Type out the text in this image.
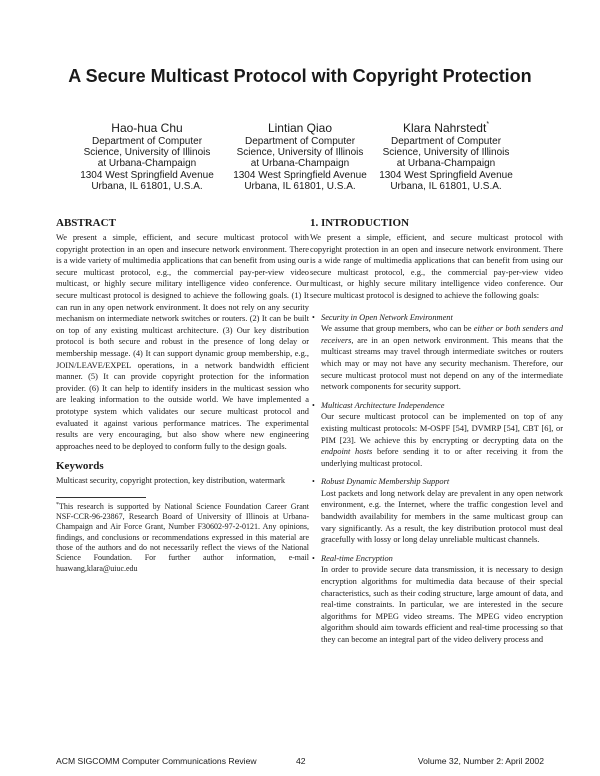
A Secure Multicast Protocol with Copyright Protection
Hao-hua Chu
Department of Computer
Science, University of Illinois
at Urbana-Champaign
1304 West Springfield Avenue
Urbana, IL 61801, U.S.A.
Lintian Qiao
Department of Computer
Science, University of Illinois
at Urbana-Champaign
1304 West Springfield Avenue
Urbana, IL 61801, U.S.A.
Klara Nahrstedt*
Department of Computer
Science, University of Illinois
at Urbana-Champaign
1304 West Springfield Avenue
Urbana, IL 61801, U.S.A.
ABSTRACT

We present a simple, efficient, and secure multicast protocol with copyright protection in an open and insecure network environment. There is a wide variety of multimedia applications that can benefit from using our secure multicast protocol, e.g., the commercial pay-per-view video multicast, or highly secure military intelligence video conference. Our secure multicast protocol is designed to achieve the following goals. (1) It can run in any open network environment. It does not rely on any security mechanism on intermediate network switches or routers. (2) It can be built on top of any existing multicast architecture. (3) Our key distribution protocol is both secure and robust in the presence of long delay or membership message. (4) It can support dynamic group membership, e.g., JOIN/LEAVE/EXPEL operations, in a network bandwidth efficient manner. (5) It can provide copyright protection for the information provider. (6) It can help to identify insiders in the multicast session who are leaking information to the outside world. We have implemented a prototype system which validates our secure multicast protocol and evaluated it against various performance matrices. The experimental results are very encouraging, but also show where new engineering approaches need to be deployed to conform fully to the design goals.

Keywords

Multicast security, copyright protection, key distribution, watermark

*This research is supported by National Science Foundation Career Grant NSF-CCR-96-23867, Research Board of University of Illinois at Urbana-Champaign and Air Force Grant, Number F30602-97-2-0121. Any opinions, findings, and conclusions or recommendations expressed in this material are those of the authors and do not necessarily reflect the views of the National Science Foundation. For further author information, e-mail huawang,klara@uiuc.edu

1. INTRODUCTION

We present a simple, efficient, and secure multicast protocol with copyright protection in an open and insecure network environment. There is a wide range of multimedia applications that can benefit from using our secure multicast protocol, e.g., the commercial pay-per-view video multicast, or highly secure military intelligence video conference. Our secure multicast protocol is designed to achieve the following goals:

• Security in Open Network Environment

We assume that group members, who can be either or both senders and receivers, are in an open network environment. This means that the multicast streams may travel through intermediate switches or routers which may or may not have any security mechanism. Therefore, our secure multicast protocol must not depend on any of the intermediate network components for security support.

• Multicast Architecture Independence

Our secure multicast protocol can be implemented on top of any existing multicast protocols: M-OSPF [54], DVMRP [54], CBT [6], or PIM [23]. We achieve this by encrypting or decrypting data on the endpoint hosts before sending it to or after receiving it from the underlying multicast protocol.

• Robust Dynamic Membership Support

Lost packets and long network delay are prevalent in any open network environment, e.g. the Internet, where the traffic congestion level and bandwidth availability for members in the same multicast group can vary significantly. As a result, the key distribution protocol must deal gracefully with lossy or long delay unreliable multicast channels.

• Real-time Encryption

In order to provide secure data transmission, it is necessary to design encryption algorithms for multimedia data because of their special characteristics, such as their coding structure, large amount of data, and real-time constraints. In particular, we are interested in the secure algorithms for MPEG video streams. The MPEG video encryption algorithm should aim towards efficient and real-time processing so that they can become an integral part of the video delivery process and

ACM SIGCOMM Computer Communications Review	42	Volume 32, Number 2: April 2002
